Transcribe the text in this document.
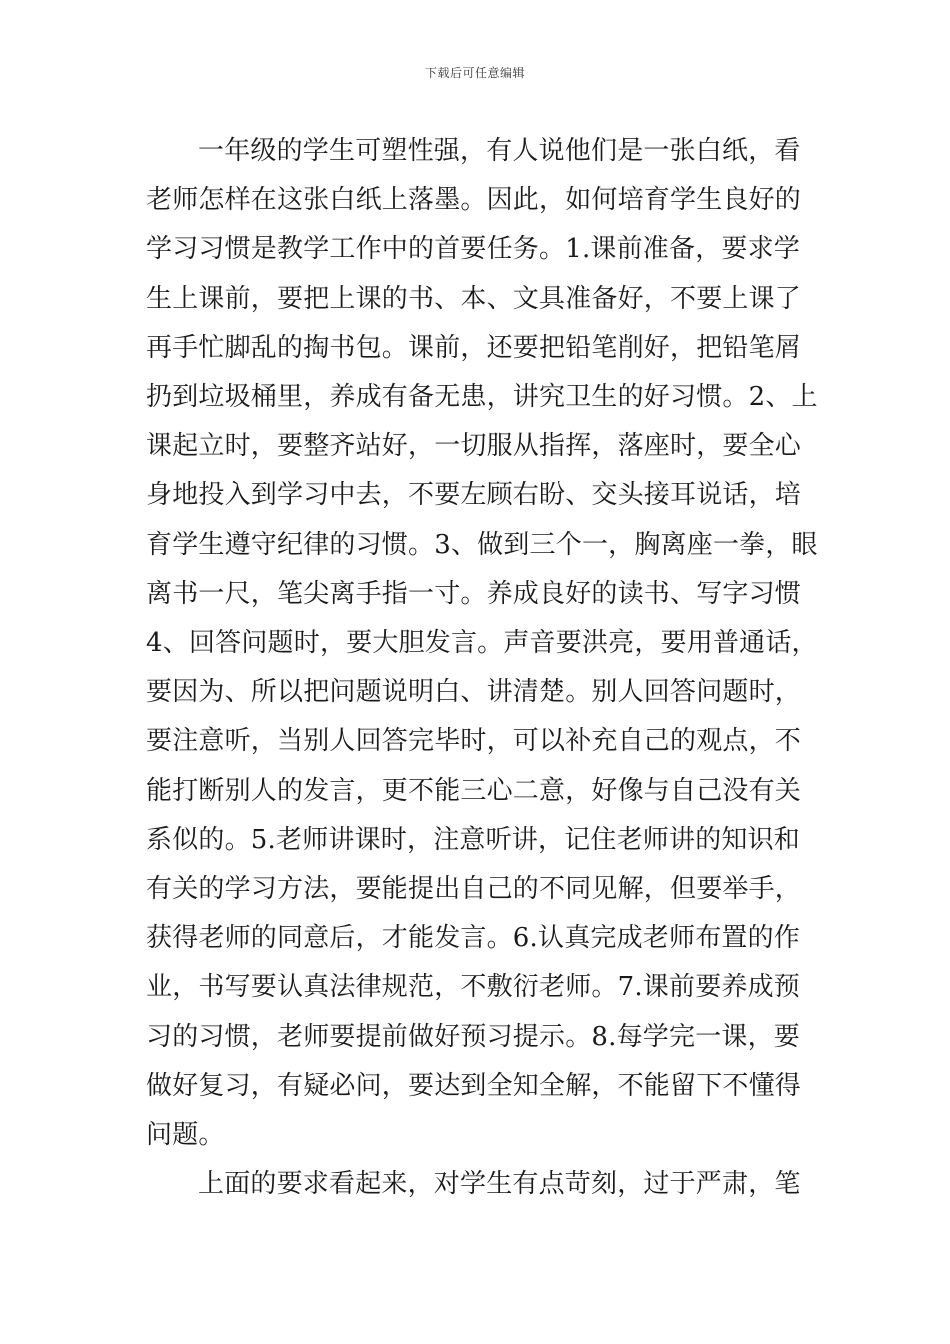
下载后可任意编辑

一年级的学生可塑性强，有人说他们是一张白纸，看
老师怎样在这张白纸上落墨。因此，如何培育学生良好的
学习习惯是教学工作中的首要任务。1.课前准备，要求学
生上课前，要把上课的书、本、文具准备好，不要上课了
再手忙脚乱的掏书包。课前，还要把铅笔削好，把铅笔屑
扔到垃圾桶里，养成有备无患，讲究卫生的好习惯。2、上
课起立时，要整齐站好，一切服从指挥，落座时，要全心
身地投入到学习中去，不要左顾右盼、交头接耳说话，培
育学生遵守纪律的习惯。3、做到三个一，胸离座一拳，眼
离书一尺，笔尖离手指一寸。养成良好的读书、写字习惯
4、回答问题时，要大胆发言。声音要洪亮，要用普通话，
要因为、所以把问题说明白、讲清楚。别人回答问题时，
要注意听，当别人回答完毕时，可以补充自己的观点，不
能打断别人的发言，更不能三心二意，好像与自己没有关
系似的。5.老师讲课时，注意听讲，记住老师讲的知识和
有关的学习方法，要能提出自己的不同见解，但要举手，
获得老师的同意后，才能发言。6.认真完成老师布置的作
业，书写要认真法律规范，不敷衍老师。7.课前要养成预
习的习惯，老师要提前做好预习提示。8.每学完一课，要
做好复习，有疑必问，要达到全知全解，不能留下不懂得
问题。

上面的要求看起来，对学生有点苛刻，过于严肃，笔
